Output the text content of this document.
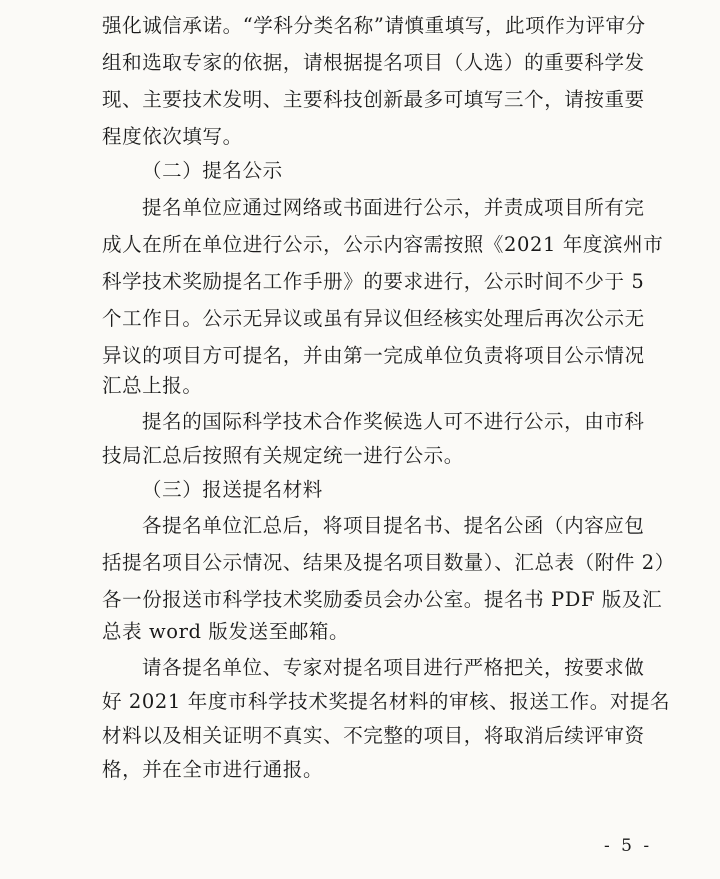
强化诚信承诺。“学科分类名称”请慎重填写，此项作为评审分
组和选取专家的依据，请根据提名项目（人选）的重要科学发
现、主要技术发明、主要科技创新最多可填写三个，请按重要
程度依次填写。
（二）提名公示
提名单位应通过网络或书面进行公示，并责成项目所有完
成人在所在单位进行公示，公示内容需按照《2021 年度滨州市
科学技术奖励提名工作手册》的要求进行，公示时间不少于 5
个工作日。公示无异议或虽有异议但经核实处理后再次公示无
异议的项目方可提名，并由第一完成单位负责将项目公示情况
汇总上报。
提名的国际科学技术合作奖候选人可不进行公示，由市科
技局汇总后按照有关规定统一进行公示。
（三）报送提名材料
各提名单位汇总后，将项目提名书、提名公函（内容应包
括提名项目公示情况、结果及提名项目数量）、汇总表（附件 2）
各一份报送市科学技术奖励委员会办公室。提名书 PDF 版及汇
总表 word 版发送至邮箱。
请各提名单位、专家对提名项目进行严格把关，按要求做
好 2021 年度市科学技术奖提名材料的审核、报送工作。对提名
材料以及相关证明不真实、不完整的项目，将取消后续评审资
格，并在全市进行通报。
- 5 -
